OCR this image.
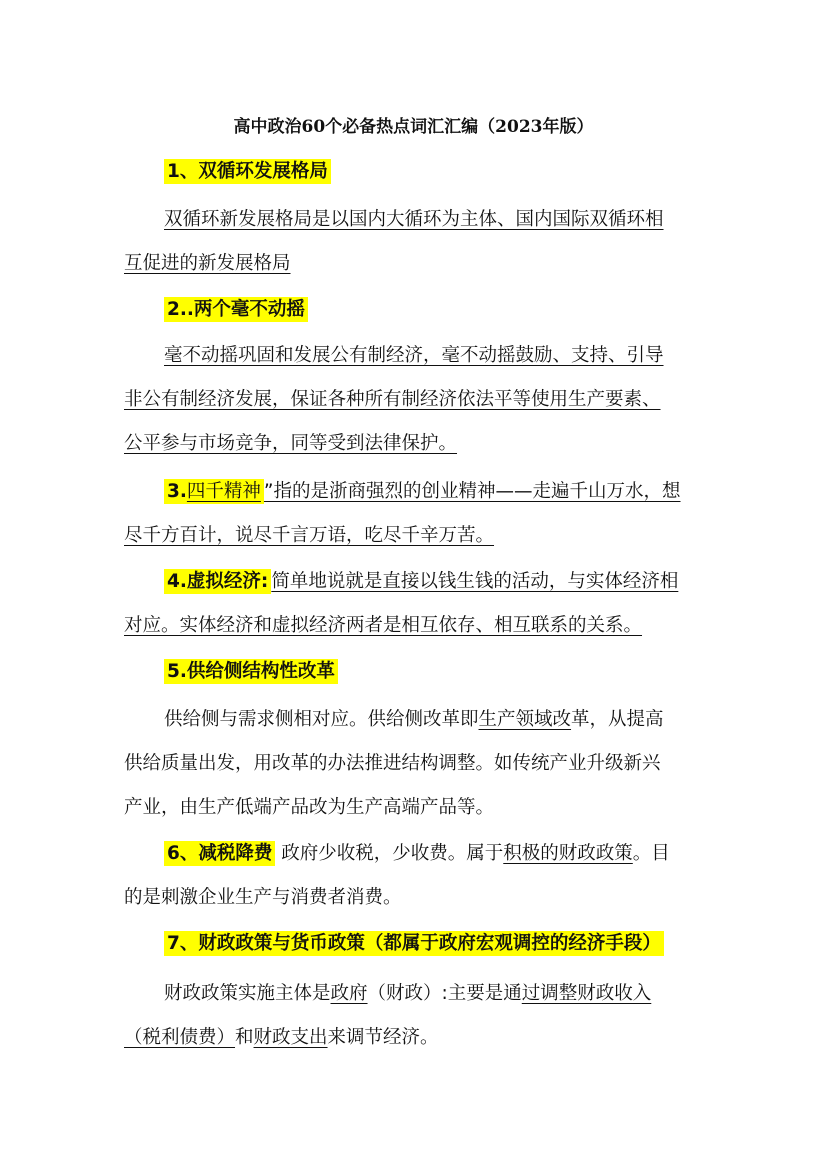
高中政治60个必备热点词汇汇编（2023年版）
1、双循环发展格局
双循环新发展格局是以国内大循环为主体、国内国际双循环相
互促进的新发展格局
2..两个毫不动摇
毫不动摇巩固和发展公有制经济，毫不动摇鼓励、支持、引导
非公有制经济发展，保证各种所有制经济依法平等使用生产要素、
公平参与市场竞争，同等受到法律保护。
3.四千精神 ”指的是浙商强烈的创业精神——走遍千山万水，想
尽千方百计，说尽千言万语，吃尽千辛万苦。
4.虚拟经济: 简单地说就是直接以钱生钱的活动，与实体经济相
对应。实体经济和虚拟经济两者是相互依存、相互联系的关系。
5.供给侧结构性改革
供给侧与需求侧相对应。供给侧改革即生产领域改革，从提高
供给质量出发，用改革的办法推进结构调整。如传统产业升级新兴
产业，由生产低端产品改为生产高端产品等。
6、减税降费 政府少收税，少收费。属于积极的财政政策。目
的是刺激企业生产与消费者消费。
7、财政政策与货币政策（都属于政府宏观调控的经济手段）
财政政策实施主体是政府（财政）:主要是通过调整财政收入
（税利债费）和财政支出来调节经济。
